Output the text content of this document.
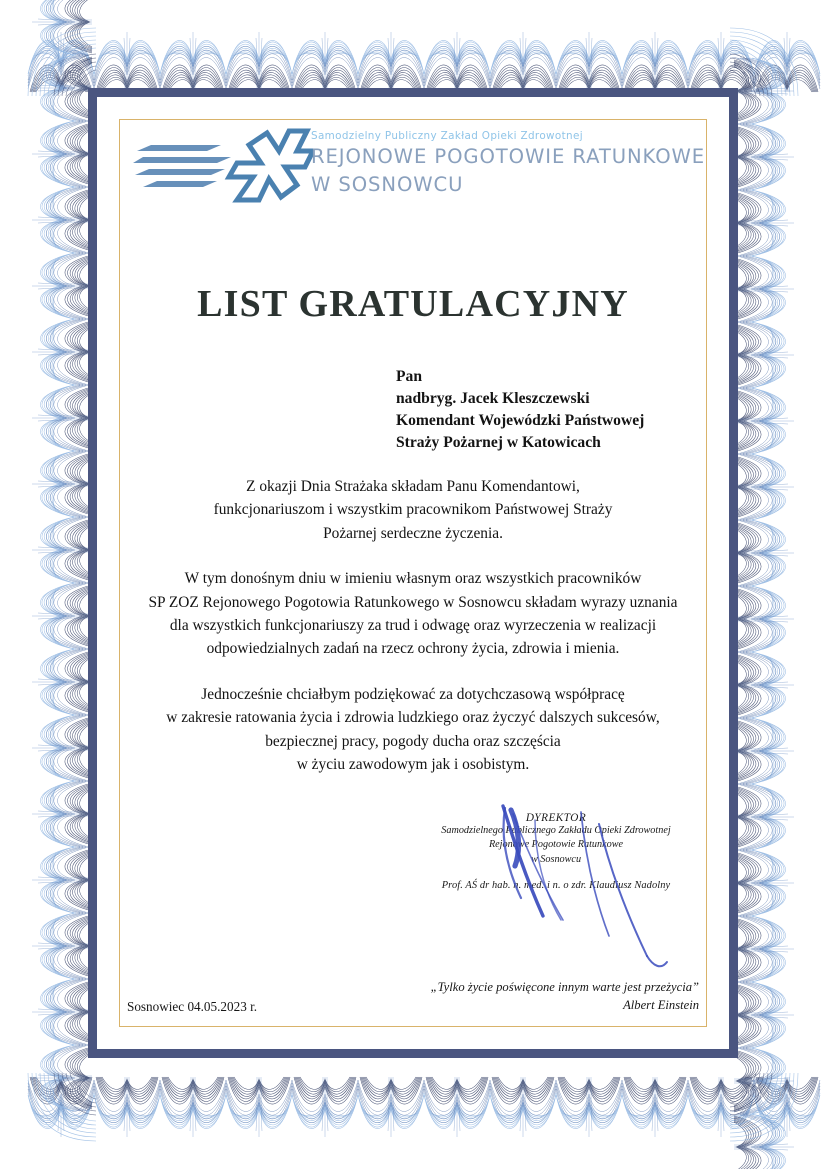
Samodzielny Publiczny Zakład Opieki Zdrowotnej
REJONOWE POGOTOWIE RATUNKOWE
W SOSNOWCU
LIST GRATULACYJNY
Pan
nadbryg. Jacek Kleszczewski
Komendant Wojewódzki Państwowej
Straży Pożarnej w Katowicach
Z okazji Dnia Strażaka składam Panu Komendantowi,
funkcjonariuszom i wszystkim pracownikom Państwowej Straży
Pożarnej serdeczne życzenia.
W tym donośnym dniu w imieniu własnym oraz wszystkich pracowników
SP ZOZ Rejonowego Pogotowia Ratunkowego w Sosnowcu składam wyrazy uznania
dla wszystkich funkcjonariuszy za trud i odwagę oraz wyrzeczenia w realizacji
odpowiedzialnych zadań na rzecz ochrony życia, zdrowia i mienia.
Jednocześnie chciałbym podziękować za dotychczasową współpracę
w zakresie ratowania życia i zdrowia ludzkiego oraz życzyć dalszych sukcesów,
bezpiecznej pracy, pogody ducha oraz szczęścia
w życiu zawodowym jak i osobistym.
DYREKTOR
Samodzielnego Publicznego Zakładu Opieki Zdrowotnej
Rejonowe Pogotowie Ratunkowe
w Sosnowcu
Prof. AŚ dr hab. n. med. i n. o zdr. Klaudiusz Nadolny
Sosnowiec 04.05.2023 r.
„Tylko życie poświęcone innym warte jest przeżycia”
Albert Einstein
